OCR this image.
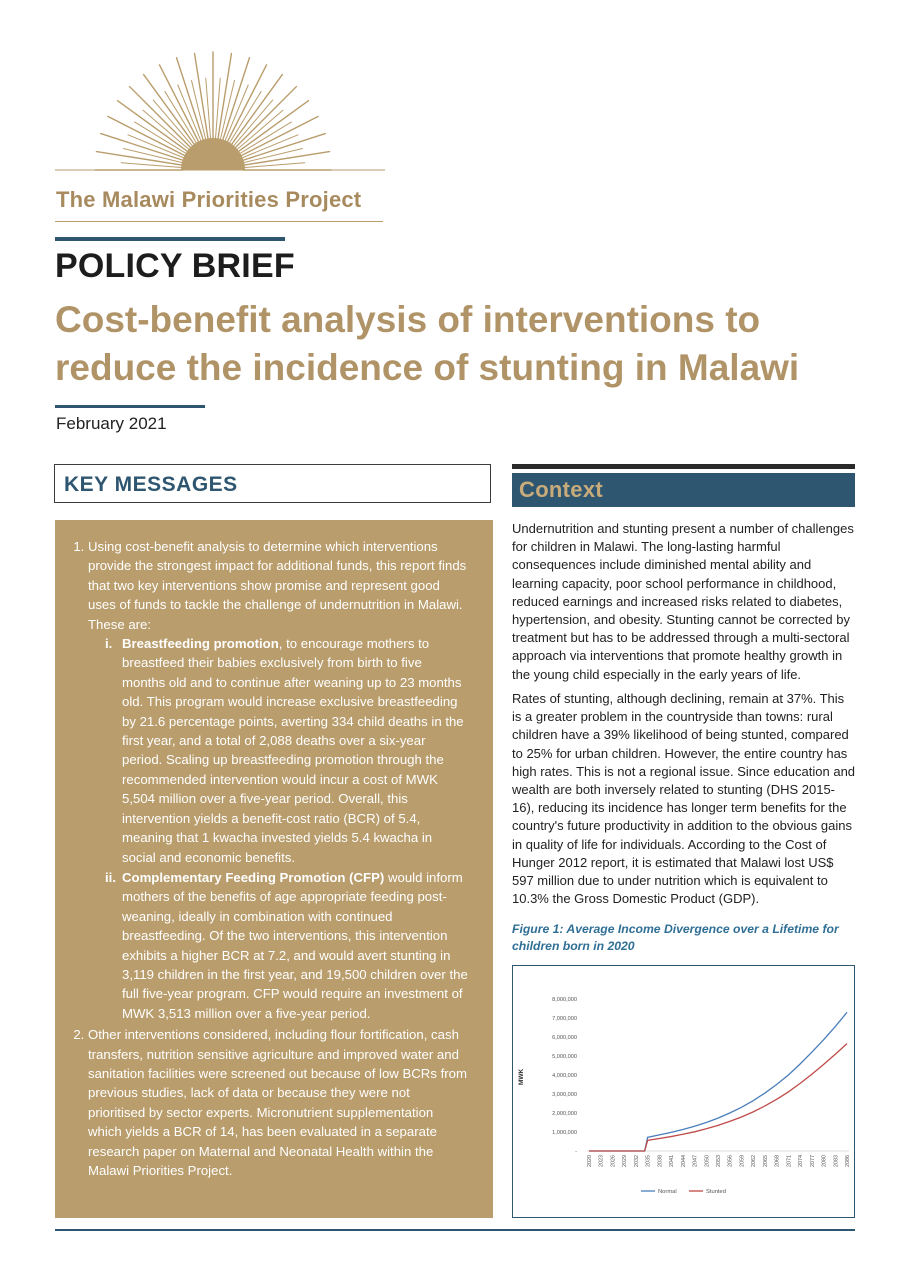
The Malawi Priorities Project
POLICY BRIEF
Cost-benefit analysis of interventions to reduce the incidence of stunting in Malawi
February 2021
KEY MESSAGES
1. Using cost-benefit analysis to determine which interventions provide the strongest impact for additional funds, this report finds that two key interventions show promise and represent good uses of funds to tackle the challenge of undernutrition in Malawi. These are:
i. Breastfeeding promotion, to encourage mothers to breastfeed their babies exclusively from birth to five months old and to continue after weaning up to 23 months old. This program would increase exclusive breastfeeding by 21.6 percentage points, averting 334 child deaths in the first year, and a total of 2,088 deaths over a six-year period. Scaling up breastfeeding promotion through the recommended intervention would incur a cost of MWK 5,504 million over a five-year period. Overall, this intervention yields a benefit-cost ratio (BCR) of 5.4, meaning that 1 kwacha invested yields 5.4 kwacha in social and economic benefits.
ii. Complementary Feeding Promotion (CFP) would inform mothers of the benefits of age appropriate feeding post-weaning, ideally in combination with continued breastfeeding. Of the two interventions, this intervention exhibits a higher BCR at 7.2, and would avert stunting in 3,119 children in the first year, and 19,500 children over the full five-year program. CFP would require an investment of MWK 3,513 million over a five-year period.
2. Other interventions considered, including flour fortification, cash transfers, nutrition sensitive agriculture and improved water and sanitation facilities were screened out because of low BCRs from previous studies, lack of data or because they were not prioritised by sector experts. Micronutrient supplementation which yields a BCR of 14, has been evaluated in a separate research paper on Maternal and Neonatal Health within the Malawi Priorities Project.
Context

Undernutrition and stunting present a number of challenges for children in Malawi. The long-lasting harmful consequences include diminished mental ability and learning capacity, poor school performance in childhood, reduced earnings and increased risks related to diabetes, hypertension, and obesity. Stunting cannot be corrected by treatment but has to be addressed through a multi-sectoral approach via interventions that promote healthy growth in the young child especially in the early years of life.

Rates of stunting, although declining, remain at 37%. This is a greater problem in the countryside than towns: rural children have a 39% likelihood of being stunted, compared to 25% for urban children. However, the entire country has high rates. This is not a regional issue. Since education and wealth are both inversely related to stunting (DHS 2015-16), reducing its incidence has longer term benefits for the country's future productivity in addition to the obvious gains in quality of life for individuals. According to the Cost of Hunger 2012 report, it is estimated that Malawi lost US$ 597 million due to under nutrition which is equivalent to 10.3% the Gross Domestic Product (GDP).

Figure 1: Average Income Divergence over a Lifetime for children born in 2020
8,000,000
7,000,000
6,000,000
5,000,000
4,000,000
3,000,000
2,000,000
1,000,000
-
MWK
2020 2023 2026 2029 2032 2035 2038 2041 2044 2047 2050 2053 2056 2059 2062 2065 2068 2071 2074 2077 2080 2083 2086
Normal	Stunted
